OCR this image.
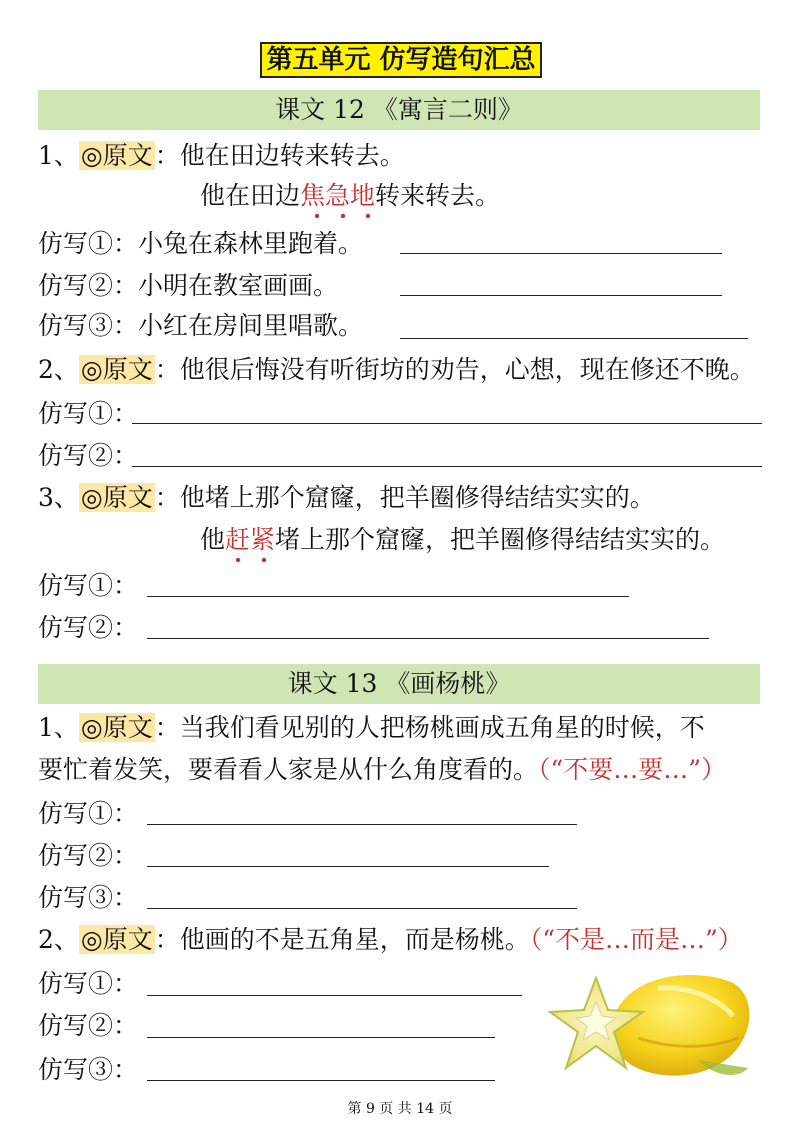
第五单元 仿写造句汇总
课文 12 《寓言二则》
1、◎原文：他在田边转来转去。
他在田边焦急地转来转去。
仿写①：小兔在森林里跑着。
仿写②：小明在教室画画。
仿写③：小红在房间里唱歌。
2、◎原文：他很后悔没有听街坊的劝告，心想，现在修还不晚。
仿写①：
仿写②：
3、◎原文：他堵上那个窟窿，把羊圈修得结结实实的。
他赶紧堵上那个窟窿，把羊圈修得结结实实的。
仿写①：
仿写②：
课文 13 《画杨桃》
1、◎原文：当我们看见别的人把杨桃画成五角星的时候，不
要忙着发笑，要看看人家是从什么角度看的。（“不要…要…”）
仿写①：
仿写②：
仿写③：
2、◎原文：他画的不是五角星，而是杨桃。（“不是…而是…”）
仿写①：
仿写②：
仿写③：
第 9 页 共 14 页
